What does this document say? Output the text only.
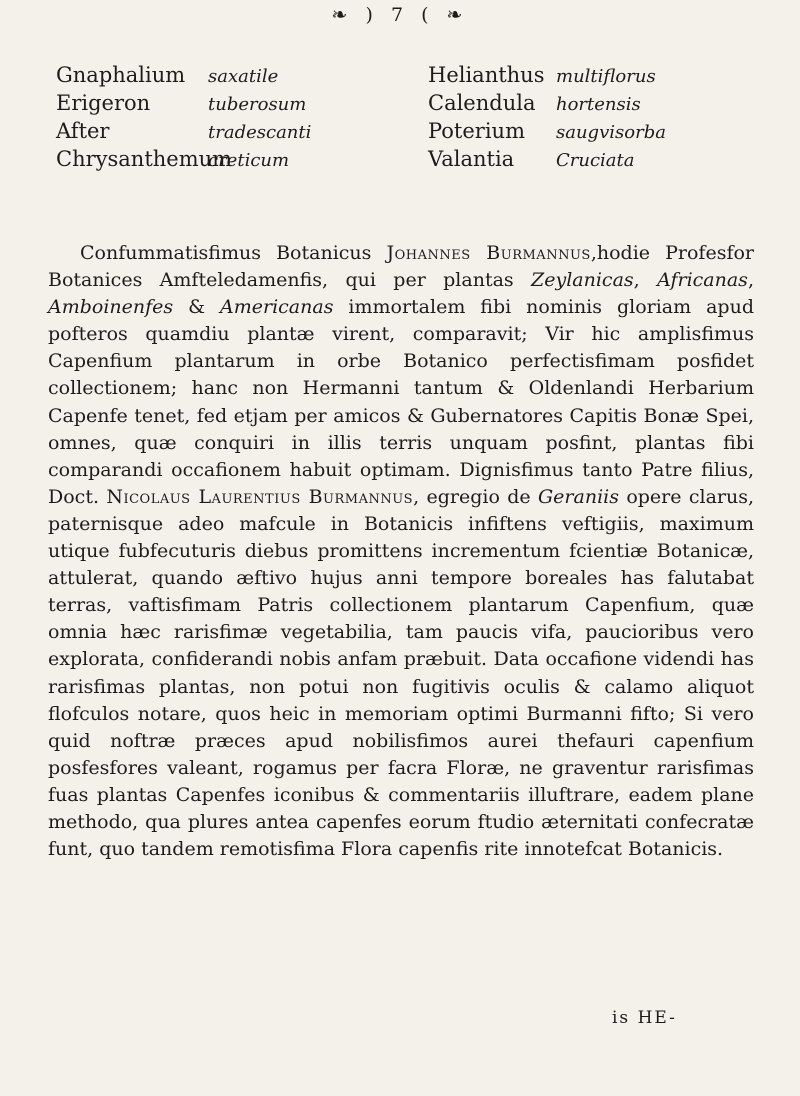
❧ ) 7 ( ❧
Gnaphalium saxatile
Erigeron	tuberosum
After	tradescanti
Chrysanthemumcreticum
Helianthus multiflorus
Calendula hortensis
Poterium saugvisorba
Valantia Cruciata

Confummatisfimus Botanicus Johannes Burmannus,hodie Profesfor Botanices Amfteledamenfis, qui per plantas Zeylanicas, Africanas, Amboinenfes & Americanas immortalem fibi nominis gloriam apud pofteros quamdiu plantæ virent, comparavit; Vir hic amplisfimus Capenfium plantarum in orbe Botanico perfectisfimam posfidet collectionem; hanc non Hermanni tantum & Oldenlandi Herbarium Capenfe tenet, fed etjam per amicos & Gubernatores Capitis Bonæ Spei, omnes, quæ conquiri in illis terris unquam posfint, plantas fibi comparandi occafionem habuit optimam. Dignisfimus tanto Patre filius, Doct. Nicolaus Laurentius Burmannus, egregio de Geraniis opere clarus, paternisque adeo mafcule in Botanicis infiftens veftigiis, maximum utique fubfecuturis diebus promittens incrementum fcientiæ Botanicæ, attulerat, quando æftivo hujus anni tempore boreales has falutabat terras, vaftisfimam Patris collectionem plantarum Capenfium, quæ omnia hæc rarisfimæ vegetabilia, tam paucis vifa, paucioribus vero explorata, confiderandi nobis anfam præbuit. Data occafione videndi has rarisfimas plantas, non potui non fugitivis oculis & calamo aliquot flofculos notare, quos heic in memoriam optimi Burmanni fifto; Si vero quid noftræ præces apud nobilisfimos aurei thefauri capenfium posfesfores valeant, rogamus per facra Floræ, ne graventur rarisfimas fuas plantas Capenfes iconibus & commentariis illuftrare, eadem plane methodo, qua plures antea capenfes eorum ftudio æternitati confecratæ funt, quo tandem remotisfima Flora capenfis rite innotefcat Botanicis.

is HE-
